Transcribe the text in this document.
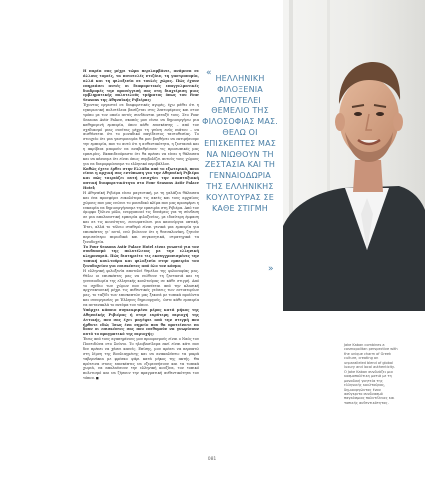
Η παρέα σας μέχρι τώρα περιλαμβάνει, ανάμεσα σε άλλους τομείς, τα ποτοτελές ντιζάιν, τη γαστρονομία, αλλά και τη φιλοξενία σε τουλές χώρες. Πώς έχουν επηρεάσει αυτές οι διαφορετικές επαγγελματικές διαδρομές την προσέγγισή σας στη διαχείριση μιας εμβληματικής πολυτελούς τμήματος όπως του Four Seasons της Αθηναϊκής Ριβιέρας;

Έχοντας εργαστεί σε διαφορετικές αγορές, έχω μάθει ότι η εγκυρωνική πολυτέλεια βασίζεται στις λεπτομέρειες και στον τρόπο με τον οποίο αυτές συνδέονται μεταξύ τους. Στο Four Seasons Astir Palace, σκοπός μου είναι να δημιουργήσω μια καθημερινή εμπειρία, όπου κάθε επισκέπτης – από τον σχεδιασμό μιας σουίτας μέχρι τη γεύση ενός πιάτου – να αισθάνεται ότι το μοναδικό παγίδευτος ταυτοθεσίας. Το στοιχείο ότι μια γαστρονομία θα μου βοηθήσει να εκτιμήσουμε την εμπειρία, που το αυτό ότι η αυθεντικότητα, η ζεστασιά και η ακρίβεια μπορούν να αναβαθμίσουν τις προσωπικές μας εμπειρίες. Εκπαιδευόμαστε ότι θα πρέπει να είναι η θάλασσα και να κάνουμε ότι είναι όπως συμβολίζει αυτούς τους χώρους για να διαμορφώσουμε το ελληνικό περιβάλλον.

Καθώς έχετε έρθει στην Ελλάδα από το εξωτερικό, ποια είναι η αρχική σας εντύπωση για την Αθηναϊκή Ριβιέρα και πώς ταιριάζει αυτή ενισχύει την αναπτυξιακή οπτική διαφορετικότητα στο Four Seasons Astir Palace Hotel;

Η Αθηναϊκή Ριβιέρα είναι μαγευτική, με τη γαλάζια θάλασσα και ένα προσφέρει ευκολότερα τις ακτές και τους αρχαίους χώρους που μας ενώνει το μοναδικό κλίμα που μας προσφέρει η ευκαιρία να δημιουργήσουμε την εμπειρία στη Ριβιέρα. Από τον όμορφο ξύλινο μόλο, ενεργοποιεί τις δυνάμεις για τη σύνδεση σε μια απολαυστική εμπειρία φιλοξενίας, με ιδιαίτερη έμφαση και σε τις κοινότητες, ενσωματώνει μια καινούργια οπτική. Έτσι, αλλά το τέλειο σταθερό είναι γενικά μια εμπειρία για επισκέπτες γι’ αυτό, ενώ βιώνουν ότι η θεσσαλονίκη, ζητούν περισσότερο περιοδικά και συγκινητικά, στρατηγικά τα ξενοδοχεία.

Το Four Seasons Astir Palace Hotel είναι γνωστό για τον συνδυασμό της πολυτέλειας με την ελληνική κληρονομιά. Πώς διατηρείτε τις εκσυγχρονισμένες την τοπική κουλτούρα και φιλοξενία στην εμπειρία του ξενοδοχείου για επισκέπτες από όλο τον κόσμο;

Η ελληνική φιλοξενία αποτελεί θεμέλιο της φιλοσοφίας μας. Θέλω οι επισκέπτες μας να νιώθουν τη ζεστασιά και τη γενναιοδωρία της ελληνικής κουλτούρας σε κάθε στιγμή. Από το σχέδιο των χώρων που εμπνέεται από την κλασική αρχιτεκτονική μέχρι τις αυθεντικές γεύσεις των εστιατορίων μας, το ταξίδι των επισκεπτών μας ξεκινά με τοπικά προϊόντα και συνεργασίες με Έλληνες δημιουργούς, ώστε κάθε εμπειρία να αντανακλά το πνεύμα του τόπου.

Υπάρχει κάποιο συγκεκριμένο μέρος κατά μήκος της Αθηναϊκής Ριβιέρας ή στην ευρύτερη περιοχή της Αττικής, που σας έχει μαγέψει από την στιγμή που ήρθατε εδώ; Ίσως ένα σημείο που θα προτείνατε να δουν οι επισκέπτες σας που επιθυμούν να γνωρίσουν αυτό το πραγματικό της περιοχής;

Ένας από τους αγαπημένους μου προορισμούς είναι ο Ναός του Ποσειδώνα στο Σούνιο. Το ηλιοβασίλεμα εκεί είναι κάτι που δεν πρέπει να χάσει κανείς. Επίσης, μου αρέσει να περπατώ στη λίμνη της Βουλιαγμένης και να ανακαλύπτω τα μικρά ταβερνάκια με φρέσκο ψάρι κατά μήκος της ακτής. Θα πρότεινα στους επισκέπτες να εξερευνήσουν και τα τοπικά χωριά, να απολαύσουν την ελληνική κουζίνα, τον τοπικό πολιτισμό και να ζήσουν την πραγματική αυθεντικότητα του τόπου. ■

«
ΗΕΛΛΗΝΙΚΗ ΦΙΛΟΞΕΝΙΑ ΑΠΟΤΕΛΕΙ ΘΕΜΕΛΙΟ ΤΗΣ ΦΙΛΟΣΟΦΙΑΣ ΜΑΣ. ΘΕΛΩ ΟΙ ΕΠΙΣΚΕΠΤΕΣ ΜΑΣ ΝΑ ΝΙΩΘΟΥΝ ΤΗ ΖΕΣΤΑΣΙΑ ΚΑΙ ΤΗ ΓΕΝΝΑΙΟΔΩΡΙΑ ΤΗΣ ΕΛΛΗΝΙΚΗΣ ΚΟΥΛΤΟΥΡΑΣ ΣΕ ΚΑΘΕ ΣΤΙΓΜΗ
»

Jake Kaban combines a cosmopolitan perspective with the unique charm of Greek culture, creating an unparalleled blend of global luxury and local authenticity.

Ο Jake Kaban συνδυάζει μια κοσμοπολίτικη ματιά με τη μοναδική γοητεία της ελληνικής κουλτούρας, δημιουργώντας έναν ασύγκριτο συνδυασμό παγκόσμιας πολυτέλειας και τοπικής αυθεντικότητας.

081
